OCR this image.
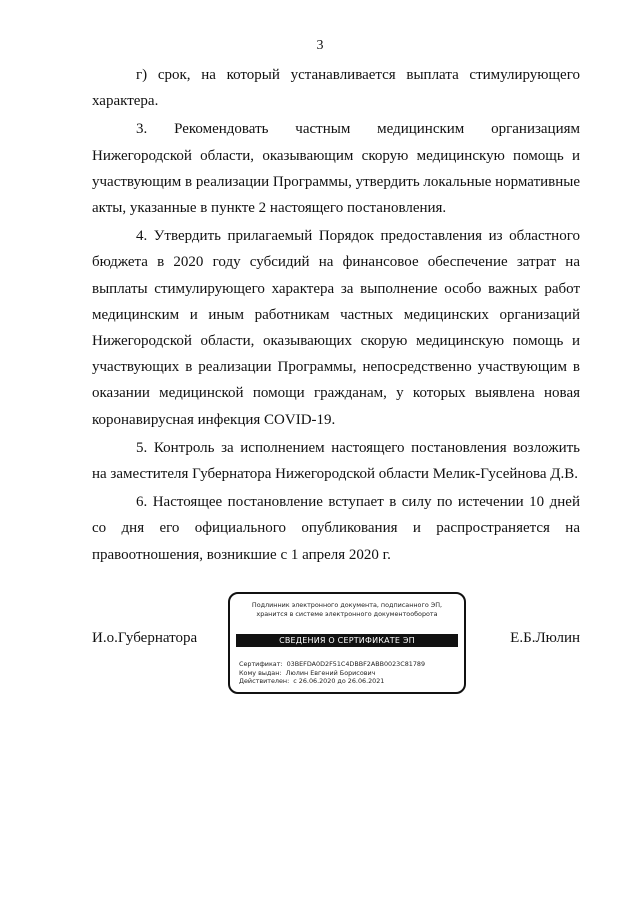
3

г) срок, на который устанавливается выплата стимулирующего характера.

3. Рекомендовать частным медицинским организациям Нижегородской области, оказывающим скорую медицинскую помощь и участвующим в реализации Программы, утвердить локальные нормативные акты, указанные в пункте 2 настоящего постановления.

4. Утвердить прилагаемый Порядок предоставления из областного бюджета в 2020 году субсидий на финансовое обеспечение затрат на выплаты стимулирующего характера за выполнение особо важных работ медицинским и иным работникам частных медицинских организаций Нижегородской области, оказывающих скорую медицинскую помощь и участвующих в реализации Программы, непосредственно участвующим в оказании медицинской помощи гражданам, у которых выявлена новая коронавирусная инфекция COVID-19.

5. Контроль за исполнением настоящего постановления возложить на заместителя Губернатора Нижегородской области Мелик-Гусейнова Д.В.

6. Настоящее постановление вступает в силу по истечении 10 дней со дня его официального опубликования и распространяется на правоотношения, возникшие с 1 апреля 2020 г.

И.о.Губернатора
Подлинник электронного документа, подписанного ЭП,
хранится в системе электронного документооборота
СВЕДЕНИЯ О СЕРТИФИКАТЕ ЭП
Сертификат: 03BEFDA0D2F51C4DBBF2ABB0023C81789
Кому выдан: Люлин Евгений Борисович
Действителен: с 26.06.2020 до 26.06.2021
Е.Б.Люлин
